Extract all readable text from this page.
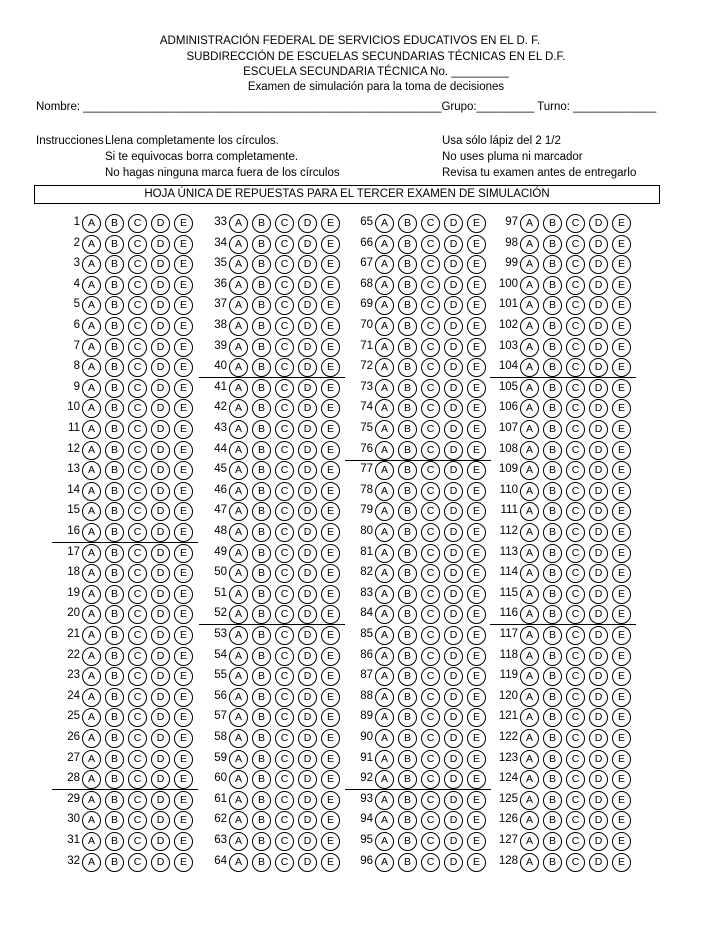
ADMINISTRACIÓN FEDERAL DE SERVICIOS EDUCATIVOS EN EL D. F.
SUBDIRECCIÓN DE ESCUELAS SECUNDARIAS TÉCNICAS EN EL D.F.
ESCUELA SECUNDARIA TÉCNICA No. _________
Examen de simulación para la toma de decisiones
Nombre: ________________________________________________________Grupo:_________ Turno: _____________
Instrucciones Llena completamente los círculos.
Si te equivocas borra completamente.
No hagas ninguna marca fuera de los círculos
Usa sólo lápiz del 2 1/2
No uses pluma ni marcador
Revisa tu examen antes de entregarlo
HOJA ÚNICA DE REPUESTAS PARA EL TERCER EXAMEN DE SIMULACIÓN
1 A	B	C	D	E
2 A	B	C	D	E
3 A	B	C	D	E
4 A	B	C	D	E
5 A	B	C	D	E
6 A	B	C	D	E
7 A	B	C	D	E
8 A	B	C	D	E
9 A	B	C	D	E
10 A	B	C	D	E
11 A	B	C	D	E
12 A	B	C	D	E
13 A	B	C	D	E
14 A	B	C	D	E
15 A	B	C	D	E
16 A	B	C	D	E
17 A	B	C	D	E
18 A	B	C	D	E
19 A	B	C	D	E
20 A	B	C	D	E
21 A	B	C	D	E
22 A	B	C	D	E
23 A	B	C	D	E
24 A	B	C	D	E
25 A	B	C	D	E
26 A	B	C	D	E
27 A	B	C	D	E
28 A	B	C	D	E
29 A	B	C	D	E
30 A	B	C	D	E
31 A	B	C	D	E
32 A	B	C	D	E
33 A	B	C	D	E
34 A	B	C	D	E
35 A	B	C	D	E
36 A	B	C	D	E
37 A	B	C	D	E
38 A	B	C	D	E
39 A	B	C	D	E
40 A	B	C	D	E
41 A	B	C	D	E
42 A	B	C	D	E
43 A	B	C	D	E
44 A	B	C	D	E
45 A	B	C	D	E
46 A	B	C	D	E
47 A	B	C	D	E
48 A	B	C	D	E
49 A	B	C	D	E
50 A	B	C	D	E
51 A	B	C	D	E
52 A	B	C	D	E
53 A	B	C	D	E
54 A	B	C	D	E
55 A	B	C	D	E
56 A	B	C	D	E
57 A	B	C	D	E
58 A	B	C	D	E
59 A	B	C	D	E
60 A	B	C	D	E
61 A	B	C	D	E
62 A	B	C	D	E
63 A	B	C	D	E
64 A	B	C	D	E
65 A	B	C	D	E
66 A	B	C	D	E
67 A	B	C	D	E
68 A	B	C	D	E
69 A	B	C	D	E
70 A	B	C	D	E
71 A	B	C	D	E
72 A	B	C	D	E
73 A	B	C	D	E
74 A	B	C	D	E
75 A	B	C	D	E
76 A	B	C	D	E
77 A	B	C	D	E
78 A	B	C	D	E
79 A	B	C	D	E
80 A	B	C	D	E
81 A	B	C	D	E
82 A	B	C	D	E
83 A	B	C	D	E
84 A	B	C	D	E
85 A	B	C	D	E
86 A	B	C	D	E
87 A	B	C	D	E
88 A	B	C	D	E
89 A	B	C	D	E
90 A	B	C	D	E
91 A	B	C	D	E
92 A	B	C	D	E
93 A	B	C	D	E
94 A	B	C	D	E
95 A	B	C	D	E
96 A	B	C	D	E
97 A	B	C	D	E
98 A	B	C	D	E
99 A	B	C	D	E
100 A	B	C	D	E
101 A	B	C	D	E
102 A	B	C	D	E
103 A	B	C	D	E
104 A	B	C	D	E
105 A	B	C	D	E
106 A	B	C	D	E
107 A	B	C	D	E
108 A	B	C	D	E
109 A	B	C	D	E
110 A	B	C	D	E
111 A	B	C	D	E
112 A	B	C	D	E
113 A	B	C	D	E
114 A	B	C	D	E
115 A	B	C	D	E
116 A	B	C	D	E
117 A	B	C	D	E
118 A	B	C	D	E
119 A	B	C	D	E
120 A	B	C	D	E
121 A	B	C	D	E
122 A	B	C	D	E
123 A	B	C	D	E
124 A	B	C	D	E
125 A	B	C	D	E
126 A	B	C	D	E
127 A	B	C	D	E
128 A	B	C	D	E
